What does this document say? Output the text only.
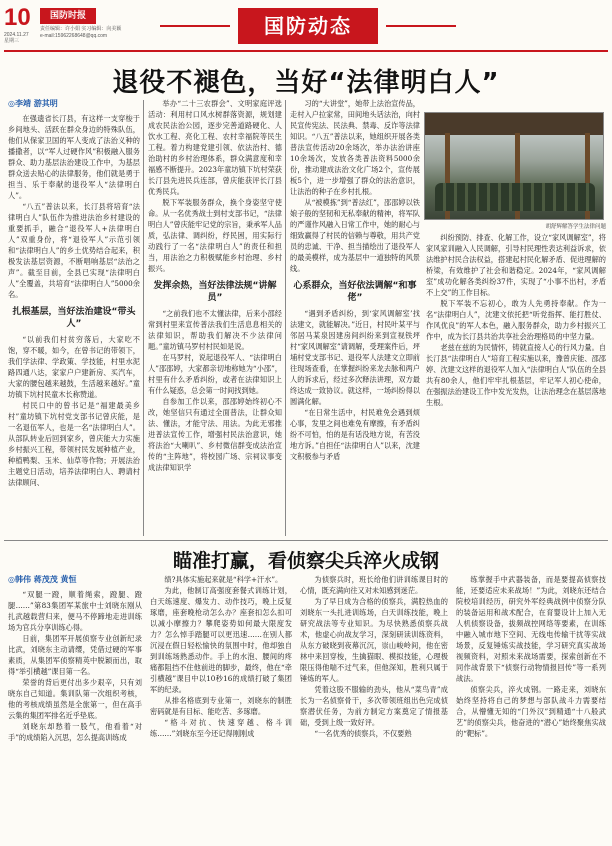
10
2024.11.27
星期三
国防时报
责任编辑：许小娟 实习编辑：向美颖
e-mail:15962268648@qq.com	国防动态
退役不褪色，当好“法律明白人”

◎李靖 游其明

在强遗省长汀县，有这样一支穿梭于乡间地头、活跃在群众身边的特殊队伍，他们从保家卫国的军人变成了法治义种的播撒者，以“军人过硬作风”积极融入服务群众、助力基层法治建设工作中，为基层群众送去贴心的法律服务，他们就是勇于担当、乐于奉献的退役军人“法律明白人”。

“八五”普法以来，长汀县将培育“法律明白人”队伍作为推进法治乡村建设的重要抓手，融合“退役军人+法律明白人”双重身份，将“退役军人”示范引领和“法律明白人”的乡土优势结合起来，积极发法基层资源，不断唱响基层“法治之声”。截至目前，全县已实现“法律明白人”全覆盖，共培育“法律明白人”5000余名。

扎根基层，当好法治建设“带头人”

“以前我们村贫穷落后，大家吃不饱，穿不暖，如今，在曾书记的带领下，我们学法律、学政策、学技能，村里水泥路四通八达，家家户户建新房、买汽车，大家的腰包越来越鼓，生活越来越好。”童坊镇下坑村民童木长称赞道。

村民口中的曾书记是“福建最美乡村”童坊镇下坑村党支部书记曾庆能，是一名退伍军人，也是一名“法律明白人”。从部队转业后回到家乡，曾庆能大力实施乡村振兴工程，带领村民发展种植产业，种植鸭梨、玉米、仙草等作物；开展法治主题党日活动，培养法律明白人、聘请村法律顾问、

举办“二十三农群会”、文明家庭评选活动：利用村口风水树群落资源，规划建成农民法治公园，逐步完善道路硬化、人饮水工程、亮化工程、农村幸福院等民生工程。着力构建党建引领、依法治村、德治助村的乡村治理体系，群众满意度和幸福感不断提升。2023年童坊镇下坑村荣获长汀县先进民兵连部，曾庆能获评长汀县优秀民兵。

脱下军装服务群众，换个身姿坚守使命。从一名优秀战士到村支部书记，“法律明白人”曾庆能牢记党的宗旨，秉承军人品质，弘法律、调纠纷，纾民困，用实际行动践行了一名“法律明白人”的责任和担当，用法治之力积极赋能乡村治理、乡村振兴。

发挥余热，当好法律法规“讲解员”

“之前我们也不太懂法律，后来小邵经常到村里来宣传普法我们生活息息相关的法律知识，帮助我们解决不少法律问题。”童坊镇马罗村村民如是说。

在马罗村，说起退役军人、“法律明白人”邵邵婷，大家都亲切地称她为“小邵”，村里有什么矛盾纠纷，或者在法律知识上有什么疑惑，总会第一时间找到她。

自参加工作以来，邵邵婷始终初心不改，她坚信只有通过全面普法，让群众知法、懂法，才能守法、用法。为此无邪推进普法宣传工作，增强村民法治意识，她将法治“大喇叭”、乡村微信群变成法治宣传的“主阵地”，将校园广场、宗祠议事变成法律知识学

习的“大讲堂”，她带上法治宣传品，走村入户拉家常，田间地头话法治，向村民宣传宪法、民法典、禁毒、反诈等法律知识。“八五”普法以来，她组织开展各类普法宣传活动20余场次，举办法治讲座10余场次，发放各类普法资料5000余份，推动建成法治文化广场2个，宣传展板5个，进一步增强了群众的法治意识，让法治的种子在乡村扎根。

从“被模拣”到“普法红”，邵邵婷以铁娘子般的坚韧和无私奉献的精神，将军队的严谨作风融入日常工作中，她的耐心与细致赢得了村民的信赖与尊敬，用共产党员的忠诚、干净、担当描绘出了退役军人的最美模样，成为基层中一道独特的风景线。

心系群众，当好依法调解“和事佬”

“遇到矛盾纠纷，到‘家风调解室’找法建文，就能解决。”近日，村民叶某平与邻居马某泉因建房间纠纷来到宣视铁坪村“家风调解室”请调解，受理案件后，坪埔村党支部书记、退役军人法建文立即前往现场查看，在掌握纠纷来龙去脉和两户人的诉求后，经过多次释法讲理，双方最终达成一致协议。就这样，一场纠纷得以圆满化解。

“在日常生活中，村民难免会遇到烦心事，发里之间也难免有摩擦，有矛盾纠纷不可怕，怕的是有话没地方说，有苦没地方诉。”自担任“法律明白人”以来，沈建文积极参与矛盾

胡舒辉解答学生法律问题

纠纷预防、排查、化解工作，设立“家风调解室”，将家风家训融入人民调解，引导村民理性表达利益诉求，依法维护村民合法权益，搭建起村民化解矛盾、促进理解的桥梁，有效维护了社会和谐稳定。2024年，“家风调解室”成功化解各类纠纷37件，实现了“小事不出村，矛盾不上交”的工作目标。

脱下军装不忘初心，敢为人先勇持奉献。作为一名“法律明白人”，沈建文依托把“听党指挥、能打胜仗、作风优良”的军人本色，融入服务群众，助力乡村振兴工作中，成为长汀县共治共享社会治理格局的中坚力量。

老兹在兹的为民情怀，铸就直接人心的行风力量。自长汀县“法律明白人”培育工程实施以来，豫曾庆能、邵邵婷、沈建文这样的退役军人加入“法律明白人”队伍的全县共有80余人，他们牢牢扎根基层，牢记军人初心使命，在强振法治建设工作中发光发热，让法治理念在基层落地生根。

瞄准打赢，看侦察尖兵淬火成钢

◎韩伟 蒋茂茂 黄恒

“双腿一蹬，顺着绳索，蹬腿、蹬腿……”第83集团军某旅中士刘晓东刚从扎武越载营归来，便马不停蹄地走进训练场为官兵分享训练心得。

日前，集团军开展侦察专业创新纪录比武，刘晓东主动请缨，凭借过硬的军事素质，从集团军侦察精英中脱颖而出，取得“举引横越”课目第一名。

荣誉的背后更付出多少艰辛，只有刘晓东自己知道。集训队第一次组织考核，他的考核成绩虽然是全旅第一，但在高手云集的集团军排名近乎垫底。

刘晓东却愁着一股气，他看着“对手”的成绩陷入沉思，怎么提高训练成

绩?具体实施起来就是“科学+汗水”。

为此，他制订高强度套餐式训练计划，白天练速度、爆发力、动作技巧，晚上反复琢磨，座套晚枪动怎么办？座套扣怎么扣可以减小摩擦力？攀爬姿势如何最大限度发力？怎么悼手踏腿可以更迅速……在别人都沉浸在假日轻松愉快的氛围中时，他却独自到训练场熟悉动作。手上的水泡、腰间的疼痛都阻挡不住他前进的脚步，最终，他在“牵引横越”课目中以10秒16的成绩打破了集团军的纪录。

从排名格底到专业第一，刘晓东的制胜密码就是有目标、能吃苦、多琢磨。

“格斗对抗、快速穿越、格斗训练……”刘晓东至今还记得刚刚成

为侦察兵时，班长给他们讲训练课目时的心情，既充满向往又对未知感到迷茫。

为了早日成为合格的侦察兵，满腔热血的刘晓东一头扎进训练场，白天训练技能，晚上研究战法等专业知识。为尽快熟悉侦察兵战术，他虚心向战友学习，深刻研读训练资料，从东方破晓到夜幕沉沉，崇山峻岭间，他在密林中来回穿梭，生擒猫眼、模拟技能，心理极限压得他喘不过气来，但他深知，胜利只属于锤炼的军人。

凭着这股不服输的劲头，他从“菜鸟青”成长为一名侦察骨干，多次带领班组出色完成侦察潜伏任务，为前方制定方案奠定了情报基础，受到上级一致好评。

“一名优秀的侦察兵，不仅要熟

练掌握手中武器装备，而是要提高侦察技能，还要适应未来战场！”为此，刘晓东还结合院校培训经历，研究外军经典战例中侦察分队的装备运用和战术配合，在育婴设计上加入无人机侦察设备，拔频战控网络等要素，在训练中融入城市地下空间、无线电传输干扰等实战场景，反复锤炼实战技能，学习研究真实战场视频资料，对照未来战场需要，探索创新在不同作战背景下“侦察行动物情报回传”等一系列战法。

侦察尖兵，淬火成钢。一路走来，刘晓东始终坚持将自己的梦想与部队战斗力需要结合，从懵懂无知的“门外汉”到精通“十八般武艺”的侦察尖兵，他奋进的“潜心”始终聚焦实战的“靶标”。
